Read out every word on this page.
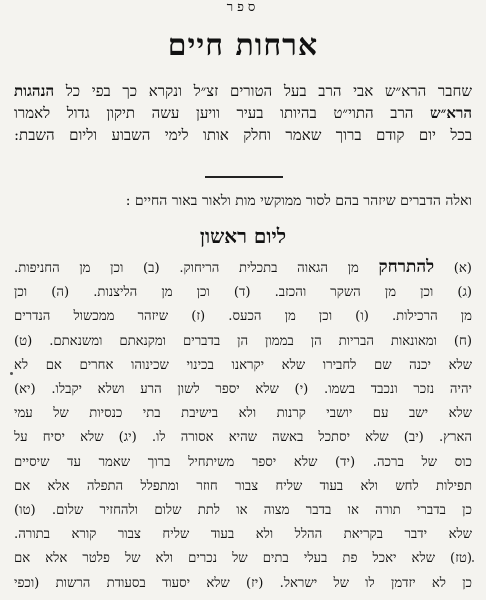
ספר
ארחות חיים
שחבר הרא״ש אבי הרב בעל הטורים זצ״ל ונקרא כך בפי כל הנהגות
הרא״ש הרב התוי״ט בהיותו בעיר וויען עשה תיקון גדול לאמרו
בכל יום קודם ברוך שאמר וחלק אותו לימי השבוע וליום השבת:
ואלה הדברים שיזהר בהם לסור ממוקשי מות ולאור באור החיים :
ליום ראשון
(א) להתרחק מן הגאוה בתכלית הריחוק. (ב) וכן מן החניפות.
(ג) וכן מן השקר והכזב. (ד) וכן מן הליצנות. (ה) וכן
מן הרכילות. (ו) וכן מן הכעס. (ז) שיזהר ממכשול הנדרים
(ח) ומאונאות הבריות הן בממון הן בדברים ומקנאתם ומשנאתם. (ט)
שלא יכנה שם לחבירו שלא יקראנו בכינוי שכינוהו אחרים אם לא
יהיה נזכר ונכבד בשמו. (י) שלא יספר לשון הרע ושלא יקבלו. (יא)
שלא ישב עם יושבי קרנות ולא בישיבת בתי כנסיות של עמי
הארץ. (יב) שלא יסתכל באשה שהיא אסורה לו. (יג) שלא יסיח על
כוס של ברכה. (יד) שלא יספר משיתחיל ברוך שאמר עד שיסיים
תפילות לחש ולא בעוד שליח צבור חוזר ומתפלל התפלה אלא אם
כן בדברי תורה או בדבר מצוה או לתת שלום ולהחזיר שלום. (טו)
שלא ידבר בקריאת ההלל ולא בעוד שליח צבור קורא בתורה.
(טז) שלא יאכל פת בעלי בתים של נכרים ולא של פלטר אלא אם
כן לא יזדמן לו של ישראל. (יז) שלא יסעוד בסעודת הרשות (וכפי
